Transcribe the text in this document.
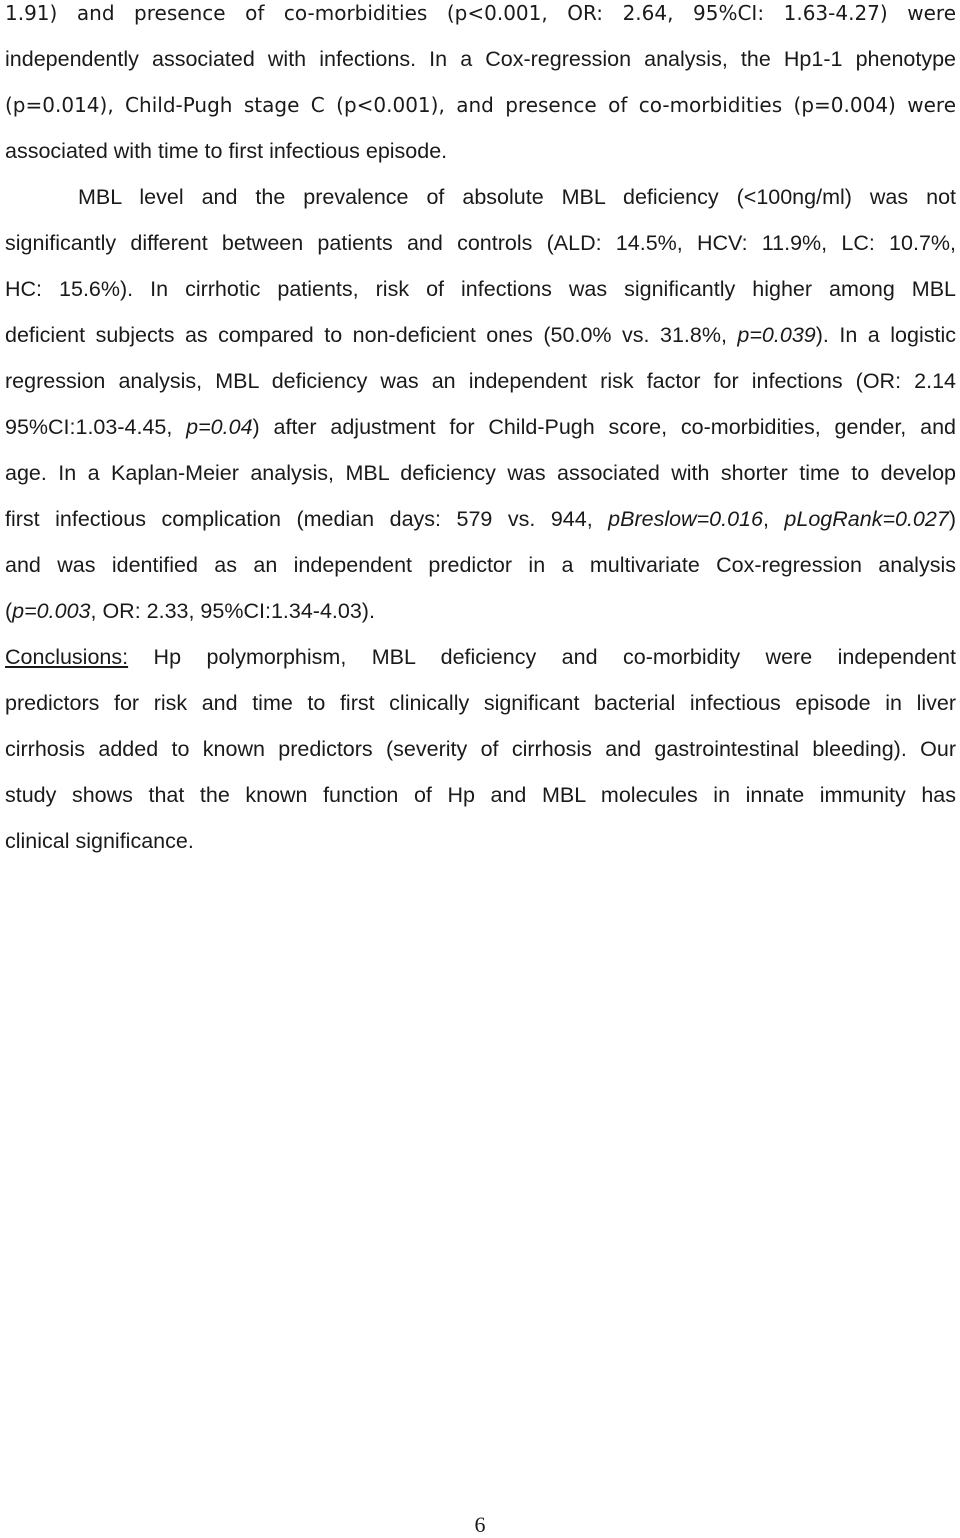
1.91) and presence of co-morbidities (p<0.001, OR: 2.64, 95%CI: 1.63-4.27) were
independently associated with infections. In a Cox-regression analysis, the Hp1-1 phenotype
(p=0.014), Child-Pugh stage C (p<0.001), and presence of co-morbidities (p=0.004) were
associated with time to first infectious episode.
MBL level and the prevalence of absolute MBL deficiency (<100ng/ml) was not
significantly different between patients and controls (ALD: 14.5%, HCV: 11.9%, LC: 10.7%,
HC: 15.6%). In cirrhotic patients, risk of infections was significantly higher among MBL
deficient subjects as compared to non-deficient ones (50.0% vs. 31.8%, p=0.039). In a logistic
regression analysis, MBL deficiency was an independent risk factor for infections (OR: 2.14
95%CI:1.03-4.45, p=0.04) after adjustment for Child-Pugh score, co-morbidities, gender, and
age. In a Kaplan-Meier analysis, MBL deficiency was associated with shorter time to develop
first infectious complication (median days: 579 vs. 944, pBreslow=0.016, pLogRank=0.027)
and was identified as an independent predictor in a multivariate Cox-regression analysis
(p=0.003, OR: 2.33, 95%CI:1.34-4.03).
Conclusions: Hp polymorphism, MBL deficiency and co-morbidity were independent
predictors for risk and time to first clinically significant bacterial infectious episode in liver
cirrhosis added to known predictors (severity of cirrhosis and gastrointestinal bleeding). Our
study shows that the known function of Hp and MBL molecules in innate immunity has
clinical significance.
6
